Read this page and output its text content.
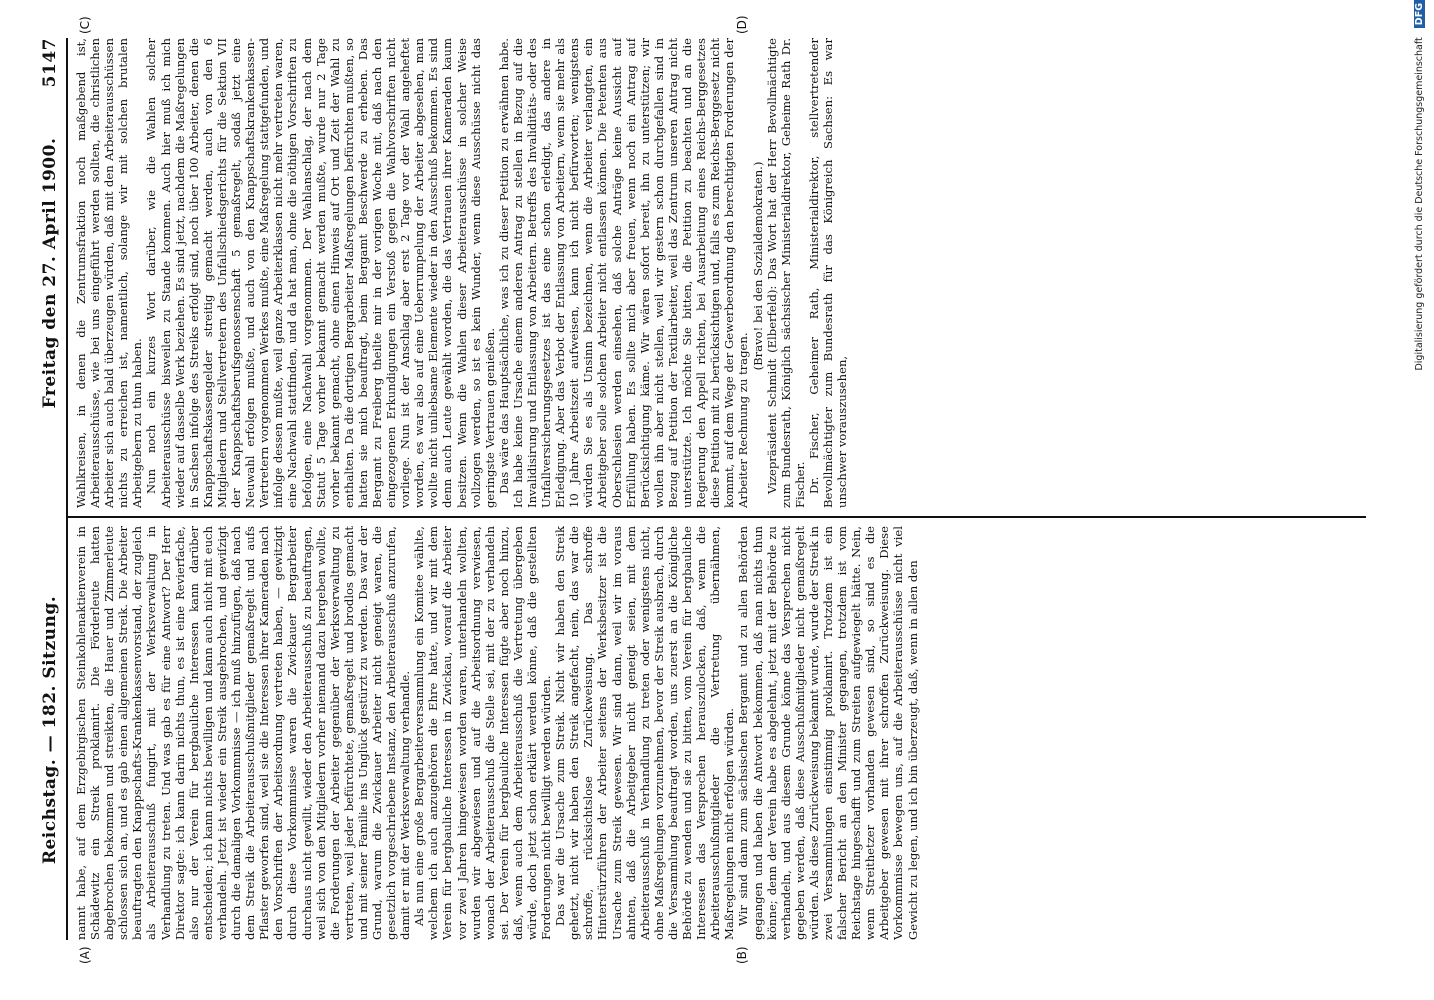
Reichstag. — 182. Sitzung.
Freitag den 27. April 1900.
5147
(A)	(B)
(C)	(D)

nannt habe, auf dem Erzgebirgischen Steinkohlenaktienverein in Schädewitz ein Streik proklamirt. Die Förderleute hatten abgebrochen bekommen und streikten, die Hauer und Zimmerleute schlossen sich an, und es gab einen allgemeinen Streik. Die Arbeiter beauftragten den Knappschafts-Krankenkassenvorstand, der zugleich als Arbeiterausschuß fungirt, mit der Werksverwaltung in Verhandlung zu treten. Und was gab es für eine Antwort? Der Herr Direktor sagte: ich kann darin nichts thun, es ist eine Revierfache, also nur der Verein für bergbauliche Interessen kann darüber entscheiden; ich kann nichts bewilligen und kann auch nicht mit euch verhandeln. Jetzt ist wieder ein Streik ausgebrochen, und gewiſzigt durch die damaligen Vorkommnisse — ich muß hinzufügen, daß nach dem Streik die Arbeiterausschußmitglieder gemaßregelt und aufs Pflaster geworfen sind, weil sie die Interessen ihrer Kameraden nach den Vorschriften der Arbeitsordnung vertreten haben, — gewitzigt durch diese Vorkommnisse waren die Zwickauer Bergarbeiter durchaus nicht gewillt, wieder den Arbeiterausschuß zu beauftragen, weil sich von den Mitgliedern vorher niemand dazu hergeben wollte, die Forderungen der Arbeiter gegenüber der Werksverwaltung zu vertreten, weil jeder befürchtete, gemaßregelt und brodlos gemacht und mit seiner Familie ins Unglück gestürzt zu werden. Das war der Grund, warum die Zwickauer Arbeiter nicht geneigt waren, die gesetzlich vorgeschriebene Instanz, den Arbeiterausschuß anzurufen, damit er mit der Werksverwaltung verhandle. Als nun eine große Bergarbeiterversammlung ein Komitee wählte, welchem ich auch anzugehören die Ehre hatte, und wir mit dem Verein für bergbauliche Interessen in Zwickau, worauf die Arbeiter vor zwei Jahren hingewiesen worden waren, unterhandeln wollten, wurden wir abgewiesen und auf die Arbeitsordnung verwiesen, wonach der Arbeiterausschuß die Stelle sei, mit der zu verhandeln sei. Der Verein für bergbauliche Interessen fügte aber noch hinzu, daß, wenn auch dem Arbeiterausschuß die Vertretung übergeben würde, doch jetzt schon erklärt werden könne, daß die gestellten Forderungen nicht bewilligt werden würden. Das war die Ursache zum Streik. Nicht wir haben den Streik gehetzt, nicht wir haben den Streik angefacht, nein, das war die schroffe, rücksichtslose Zurückweisung. Das schroffe Hinterstürzführen der Arbeiter seitens der Werksbesitzer ist die Ursache zum Streik gewesen. Wir sind dann, weil wir im voraus ahnten, daß die Arbeitgeber nicht geneigt seien, mit dem Arbeiterausschuß in Verhandlung zu treten oder wenigstens nicht, ohne Maßregelungen vorzunehmen, bevor der Streik ausbrach, durch die Versammlung beauftragt worden, uns zuerst an die Königliche Behörde zu wenden und sie zu bitten, vom Verein für bergbauliche Interessen das Versprechen herauszulocken, daß, wenn die Arbeiterausschußmitglieder die Vertretung übernähmen, Maßregelungen nicht erfolgen würden. Wir sind dann zum sächsischen Bergamt und zu allen Behörden gegangen und haben die Antwort bekommen, daß man nichts thun könne; denn der Verein habe es abgelehnt, jetzt mit der Behörde zu verhandeln, und aus diesem Grunde könne das Versprechen nicht gegeben werden, daß diese Ausschußmitglieder nicht gemaßregelt würden. Als diese Zurückweisung bekannt wurde, wurde der Streik in zwei Versammlungen einstimmig proklamirt. Trotzdem ist ein falscher Bericht an den Minister gegangen, trotzdem ist vom Reichstage hingeschafft und zum Streiten aufgewiegelt hätte. Nein, wenn Streithetzer vorhanden gewesen sind, so sind es die Arbeitgeber gewesen mit ihrer schroffen Zurückweisung. Diese Vorkommnisse bewegen uns, auf die Arbeiterausschüsse nicht viel Gewicht zu legen, und ich bin überzeugt, daß, wenn in allen den

Wahlkreisen, in denen die Zentrumsfraktion noch maßgebend ist, Arbeiterausschüsse, wie bei uns eingeführt werden sollten, die christlichen Arbeiter sich auch bald überzeugen würden, daß mit den Arbeiterausschüssen nichts zu erreichen ist, namentlich, solange wir mit solchen brutalen Arbeitgebern zu thun haben. Nun noch ein kurzes Wort darüber, wie die Wahlen solcher Arbeiterausschüsse bisweilen zu Stande kommen. Auch hier muß ich mich wieder auf dasselbe Werk beziehen. Es sind jetzt, nachdem die Maßregelungen in Sachsen infolge des Streiks erfolgt sind, noch über 100 Arbeiter, denen die Knappschaftskassengelder streitig gemacht werden, auch von den 6 Mitgliedern und Stellvertretern des Unfallschiedsgerichts für die Sektion VII der Knappschaftsberufsgenossenschaft 5 gemaßregelt, sodaß jetzt eine Neuwahl erfolgen mußte, und auch von den Knappschaftskrankenkassen-Vertretern vorgenommen Werkes mußte, eine Maßregelung stattgefunden, und infolge dessen mußte, weil ganze Arbeiterklassen nicht mehr vertreten waren, eine Nachwahl stattfinden, und da hat man, ohne die nöthigen Vorschriften zu befolgen, eine Nachwahl vorgenommen. Der Wahlanschlag, der nach dem Statut 5 Tage vorher bekannt gemacht werden mußte, wurde nur 2 Tage vorher bekannt gemacht, ohne einen Hinweis auf Ort und Zeit der Wahl zu enthalten. Da die dortigen Bergarbeiter Maßregelungen befürchten mußten, so hatten sie mich beauftragt, beim Bergamt Beschwerde zu erheben. Das Bergamt zu Freiberg theilte mir in der vorigen Woche mit, daß nach den eingezogenen Erkundigungen ein Verstoß gegen die Wahlvorschriften nicht vorliege. Nun ist der Anschlag aber erst 2 Tage vor der Wahl angeheftet worden, es war also auf eine Ueberrumpelung der Arbeiter abgesehen, man wollte nicht unliebsame Elemente wieder in den Ausschuß bekommen. Es sind denn auch Leute gewählt worden, die das Vertrauen ihrer Kameraden kaum besitzen. Wenn die Wahlen dieser Arbeiterausschüsse in solcher Weise vollzogen werden, so ist es kein Wunder, wenn diese Ausschüsse nicht das geringste Vertrauen genießen. Das wäre das Hauptsächliche, was ich zu dieser Petition zu erwähnen habe. Ich habe keine Ursache einem anderen Antrag zu stellen in Bezug auf die Invalidisirung und Entlassung von Arbeitern. Betreffs des Invaliditäts- oder des Unfallversicherungsgesetzes ist das eine schon erledigt, das andere in Erledigung. Aber das Verbot der Entlassung von Arbeitern, wenn sie mehr als 10 Jahre Arbeitszeit aufweisen, kann ich nicht befürworten; wenigstens würden Sie es als Unsinn bezeichnen, wenn die Arbeiter verlangten, ein Arbeitgeber solle solchen Arbeiter nicht entlassen können. Die Petenten aus Oberschlesien werden einsehen, daß solche Anträge keine Aussicht auf Erfüllung haben. Es sollte mich aber freuen, wenn noch ein Antrag auf Berücksichtigung käme. Wir wären sofort bereit, ihn zu unterstützen; wir wollen ihn aber nicht stellen, weil wir gestern schon durchgefallen sind in Bezug auf Petition der Textilarbeiter, weil das Zentrum unseren Antrag nicht unterstützte. Ich möchte Sie bitten, die Petition zu beachten und an die Regierung den Appell richten, bei Ausarbeitung eines Reichs-Berggesetzes diese Petition mit zu berücksichtigen und, falls es zum Reichs-Berggesetz nicht kommt, auf dem Wege der Gewerbeordnung den berechtigten Forderungen der Arbeiter Rechnung zu tragen.

(Bravo! bei den Sozialdemokraten.) Vizepräsident Schmidt (Elberfeld): Das Wort hat der Herr Bevollmächtigte zum Bundesrath, Königlich sächsischer Ministerialdirektor, Geheime Rath Dr. Fischer. Dr. Fischer, Geheimer Rath, Ministerialdirektor, stellvertretender Bevollmächtigter zum Bundesrath für das Königreich Sachsen: Es war unschwer vorauszusehen,

Digitalisierung gefördert durch die Deutsche Forschungsgemeinschaft DFG
